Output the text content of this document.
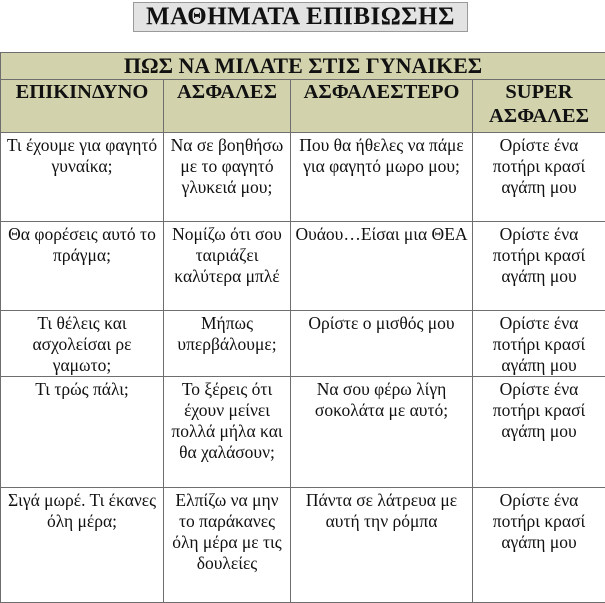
ΜΑΘΗΜΑΤΑ ΕΠΙΒΙΩΣΗΣ
ΠΩΣ ΝΑ ΜΙΛΑΤΕ ΣΤΙΣ ΓΥΝΑΙΚΕΣ			
ΕΠΙΚΙΝΔΥΝΟ	ΑΣΦΑΛΕΣ	ΑΣΦΑΛΕΣΤΕΡΟ	SUPER ΑΣΦΑΛΕΣ
Τι έχουμε για φαγητό γυναίκα;	Να σε βοηθήσω με το φαγητό γλυκειά μου;	Που θα ήθελες να πάμε για φαγητό μωρο μου;	Ορίστε ένα ποτήρι κρασί αγάπη μου
Θα φορέσεις αυτό το πράγμα;	Νομίζω ότι σου ταιριάζει καλύτερα μπλέ	Ουάου…Είσαι μια ΘΕΑ	Ορίστε ένα ποτήρι κρασί αγάπη μου
Τι θέλεις και ασχολείσαι ρε γαμωτο;	Μήπως υπερβάλουμε;	Ορίστε ο μισθός μου	Ορίστε ένα ποτήρι κρασί αγάπη μου
Τι τρώς πάλι;	Το ξέρεις ότι έχουν μείνει πολλά μήλα και θα χαλάσουν;	Να σου φέρω λίγη σοκολάτα με αυτό;	Ορίστε ένα ποτήρι κρασί αγάπη μου
Σιγά μωρέ. Τι έκανες όλη μέρα;	Ελπίζω να μην το παράκανες όλη μέρα με τις δουλείες	Πάντα σε λάτρευα με αυτή την ρόμπα	Ορίστε ένα ποτήρι κρασί αγάπη μου
